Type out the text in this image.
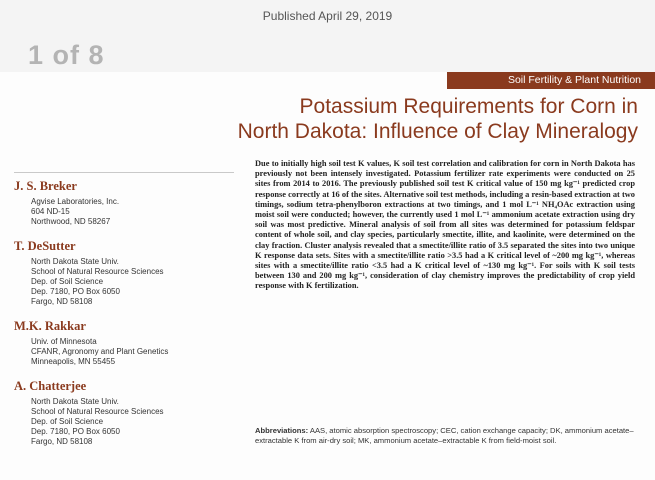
Published April 29, 2019
1 of 8
Soil Fertility & Plant Nutrition
Potassium Requirements for Corn in
North Dakota: Influence of Clay Mineralogy
J. S. Breker
Agvise Laboratories, Inc.
604 ND-15
Northwood, ND 58267
T. DeSutter
North Dakota State Univ.
School of Natural Resource Sciences
Dep. of Soil Science
Dep. 7180, PO Box 6050
Fargo, ND 58108
M.K. Rakkar
Univ. of Minnesota
CFANR, Agronomy and Plant Genetics
Minneapolis, MN 55455
A. Chatterjee
North Dakota State Univ.
School of Natural Resource Sciences
Dep. of Soil Science
Dep. 7180, PO Box 6050
Fargo, ND 58108
Due to initially high soil test K values, K soil test correlation and calibration for corn in North Dakota has previously not been intensely investigated. Potassium fertilizer rate experiments were conducted on 25 sites from 2014 to 2016. The previously published soil test K critical value of 150 mg kg⁻¹ predicted crop response correctly at 16 of the sites. Alternative soil test methods, including a resin-based extraction at two timings, sodium tetra-phenylboron extractions at two timings, and 1 mol L⁻¹ NH₄OAc extraction using moist soil were conducted; however, the currently used 1 mol L⁻¹ ammonium acetate extraction using dry soil was most predictive. Mineral analysis of soil from all sites was determined for potassium feldspar content of whole soil, and clay species, particularly smectite, illite, and kaolinite, were determined on the clay fraction. Cluster analysis revealed that a smectite/illite ratio of 3.5 separated the sites into two unique K response data sets. Sites with a smectite/illite ratio >3.5 had a K critical level of ~200 mg kg⁻¹, whereas sites with a smectite/illite ratio <3.5 had a K critical level of ~130 mg kg⁻¹. For soils with K soil tests between 130 and 200 mg kg⁻¹, consideration of clay chemistry improves the predictability of crop yield response with K fertilization.
Abbreviations: AAS, atomic absorption spectroscopy; CEC, cation exchange capacity; DK, ammonium acetate–extractable K from air-dry soil; MK, ammonium acetate–extractable K from field-moist soil.
